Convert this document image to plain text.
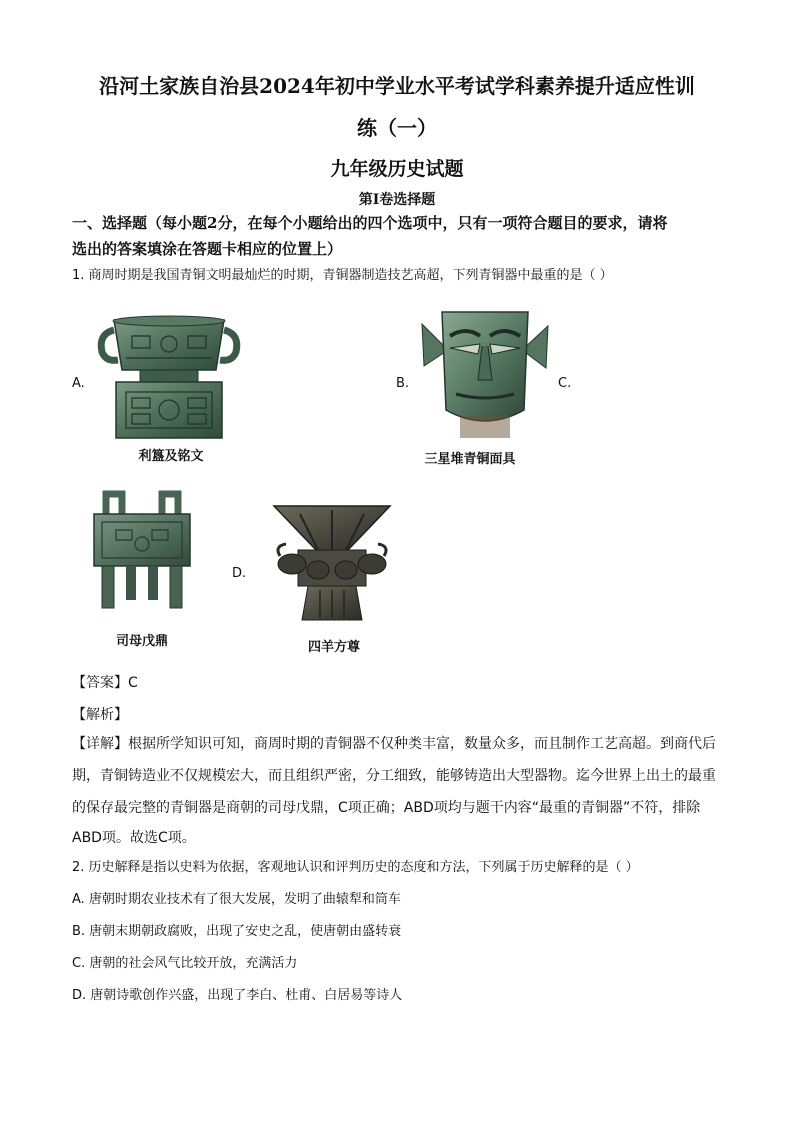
沿河土家族自治县2024年初中学业水平考试学科素养提升适应性训
练（一）
九年级历史试题
第Ⅰ卷选择题
一、选择题（每小题2分，在每个小题给出的四个选项中，只有一项符合题目的要求，请将
选出的答案填涂在答题卡相应的位置上）
1. 商周时期是我国青铜文明最灿烂的时期，青铜器制造技艺高超，下列青铜器中最重的是（ ）
A.
利簋及铭文
B.	C.
三星堆青铜面具
司母戊鼎
D.
四羊方尊
【答案】C
【解析】
【详解】根据所学知识可知，商周时期的青铜器不仅种类丰富，数量众多，而且制作工艺高超。到商代后
期，青铜铸造业不仅规模宏大，而且组织严密，分工细致，能够铸造出大型器物。迄今世界上出土的最重
的保存最完整的青铜器是商朝的司母戊鼎，C项正确；ABD项均与题干内容“最重的青铜器”不符，排除
ABD项。故选C项。
2. 历史解释是指以史料为依据，客观地认识和评判历史的态度和方法，下列属于历史解释的是（ ）
A. 唐朝时期农业技术有了很大发展，发明了曲辕犁和筒车
B. 唐朝末期朝政腐败，出现了安史之乱，使唐朝由盛转衰
C. 唐朝的社会风气比较开放，充满活力
D. 唐朝诗歌创作兴盛，出现了李白、杜甫、白居易等诗人
